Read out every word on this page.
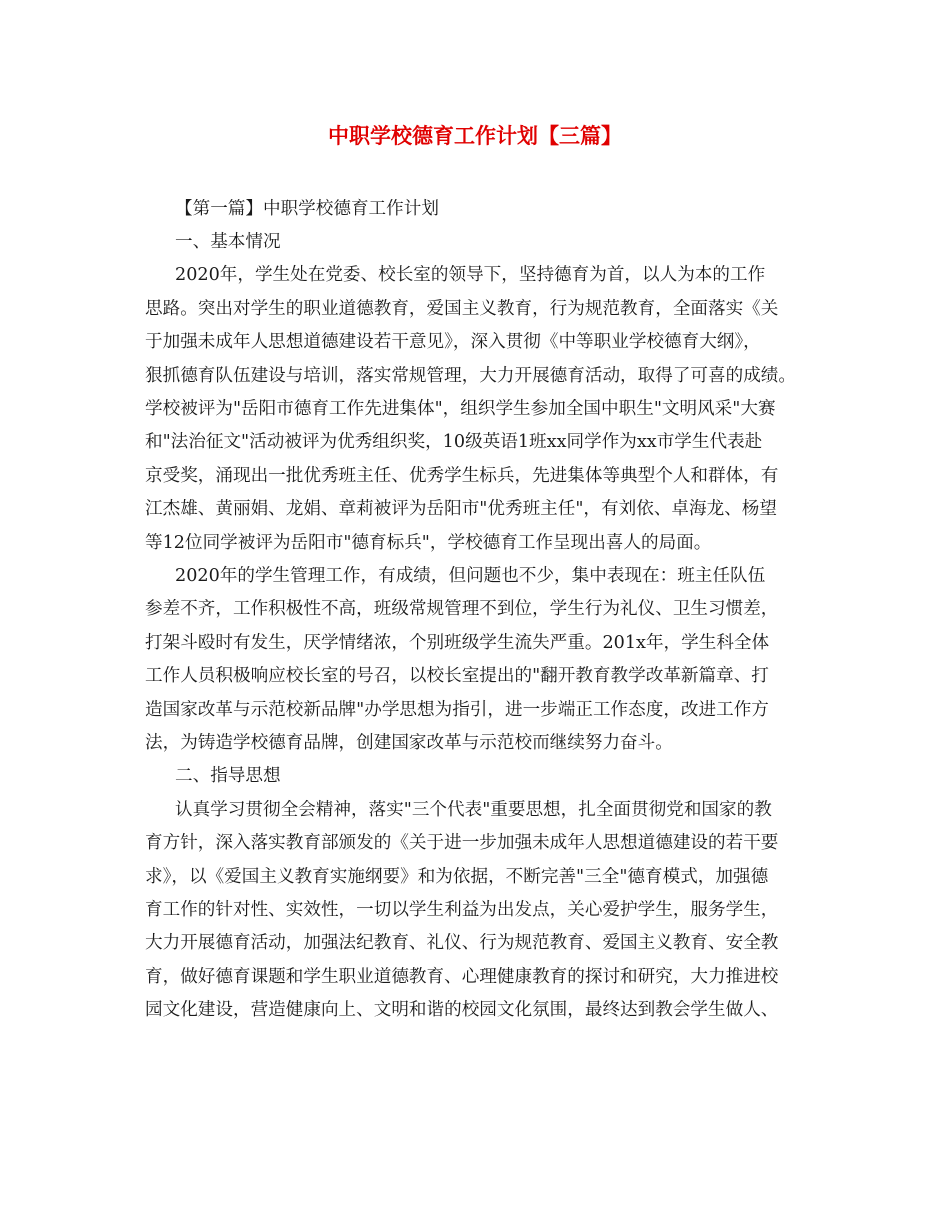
中职学校德育工作计划【三篇】
【第一篇】中职学校德育工作计划
一、基本情况
2020年，学生处在党委、校长室的领导下，坚持德育为首，以人为本的工作
思路。突出对学生的职业道德教育，爱国主义教育，行为规范教育，全面落实《关
于加强未成年人思想道德建设若干意见》，深入贯彻《中等职业学校德育大纲》，
狠抓德育队伍建设与培训，落实常规管理，大力开展德育活动，取得了可喜的成绩。
学校被评为"岳阳市德育工作先进集体"，组织学生参加全国中职生"文明风采"大赛
和"法治征文"活动被评为优秀组织奖，10级英语1班xx同学作为xx市学生代表赴
京受奖，涌现出一批优秀班主任、优秀学生标兵，先进集体等典型个人和群体，有
江杰雄、黄丽娟、龙娟、章莉被评为岳阳市"优秀班主任"，有刘依、卓海龙、杨望
等12位同学被评为岳阳市"德育标兵"，学校德育工作呈现出喜人的局面。
2020年的学生管理工作，有成绩，但问题也不少，集中表现在：班主任队伍
参差不齐，工作积极性不高，班级常规管理不到位，学生行为礼仪、卫生习惯差，
打架斗殴时有发生，厌学情绪浓，个别班级学生流失严重。201x年，学生科全体
工作人员积极响应校长室的号召，以校长室提出的"翻开教育教学改革新篇章、打
造国家改革与示范校新品牌"办学思想为指引，进一步端正工作态度，改进工作方
法，为铸造学校德育品牌，创建国家改革与示范校而继续努力奋斗。
二、指导思想
认真学习贯彻全会精神，落实"三个代表"重要思想，扎全面贯彻党和国家的教
育方针，深入落实教育部颁发的《关于进一步加强未成年人思想道德建设的若干要
求》，以《爱国主义教育实施纲要》和为依据，不断完善"三全"德育模式，加强德
育工作的针对性、实效性，一切以学生利益为出发点，关心爱护学生，服务学生，
大力开展德育活动，加强法纪教育、礼仪、行为规范教育、爱国主义教育、安全教
育，做好德育课题和学生职业道德教育、心理健康教育的探讨和研究，大力推进校
园文化建设，营造健康向上、文明和谐的校园文化氛围，最终达到教会学生做人、
